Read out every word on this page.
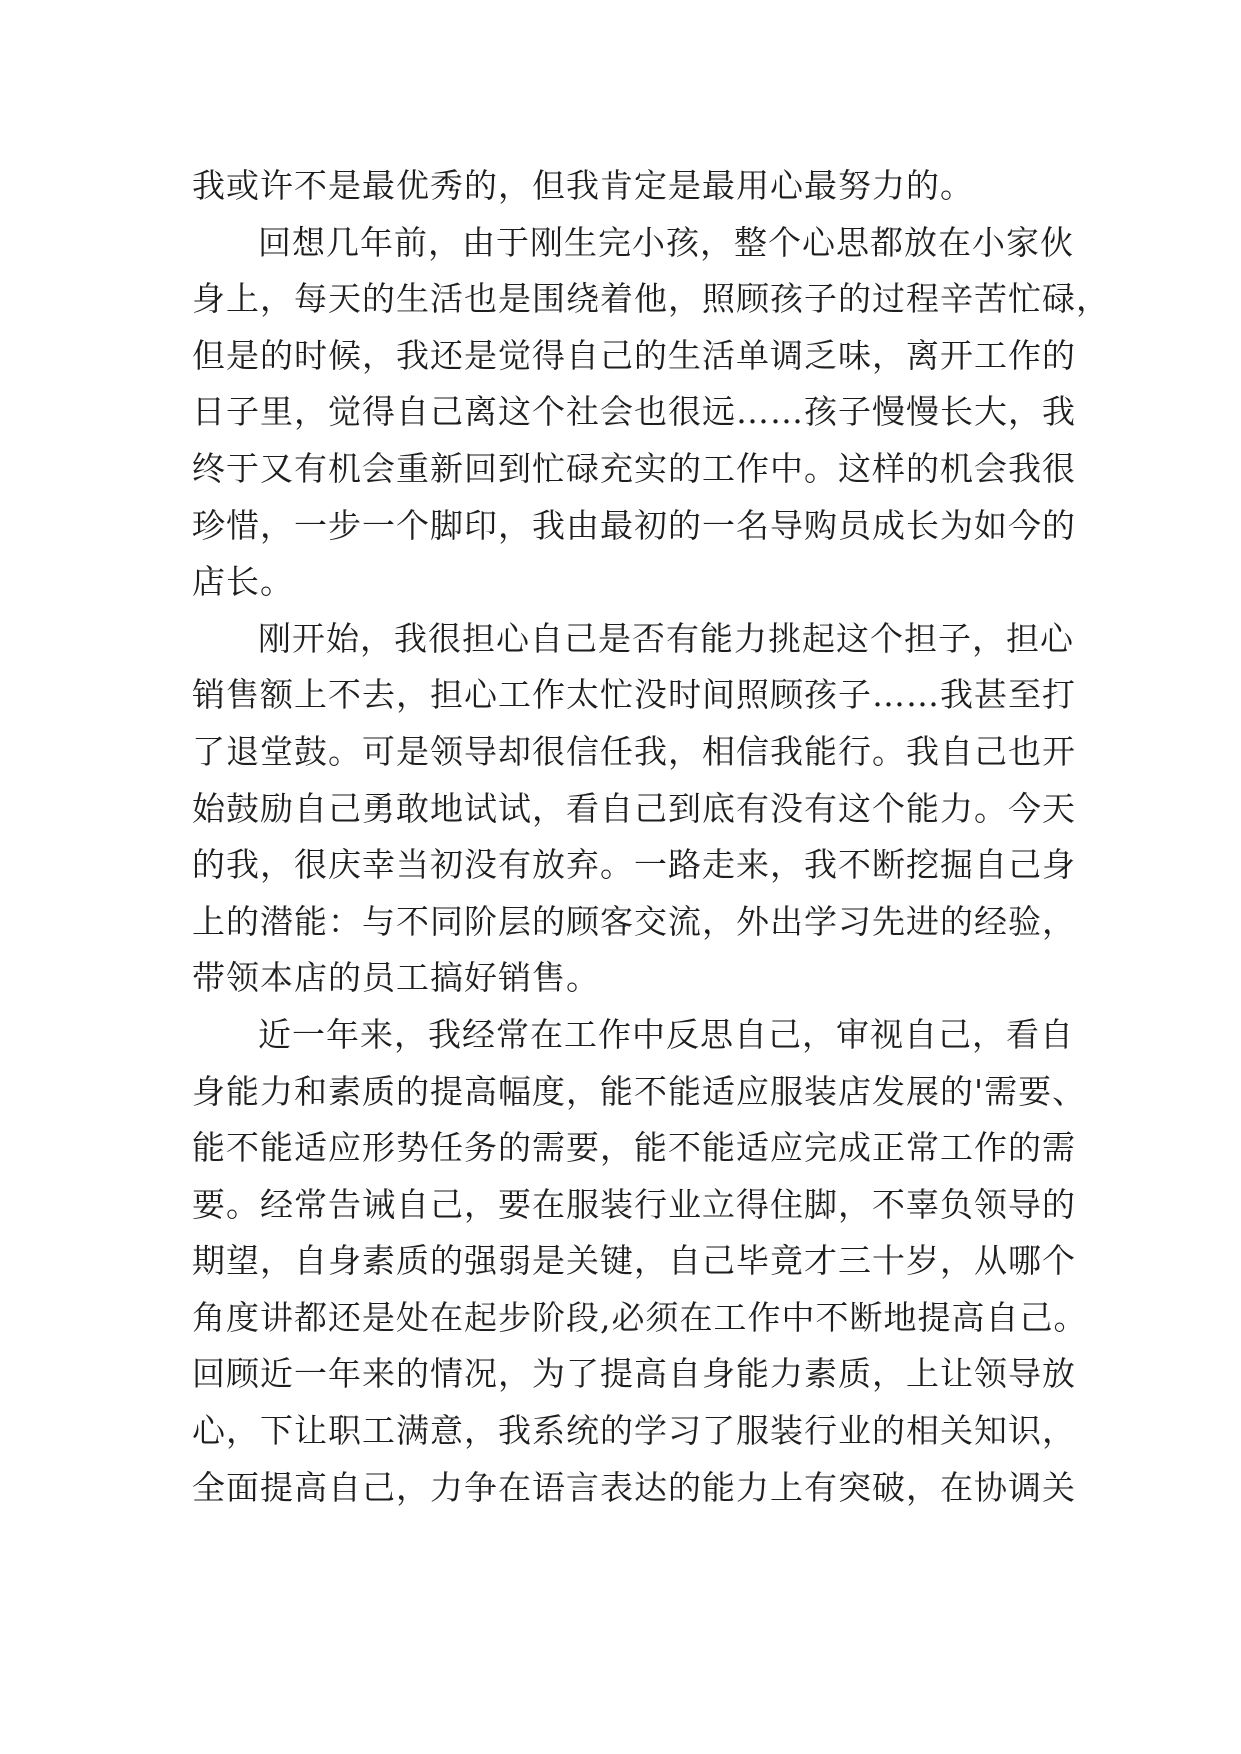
我或许不是最优秀的，但我肯定是最用心最努力的。
回想几年前，由于刚生完小孩，整个心思都放在小家伙
身上，每天的生活也是围绕着他，照顾孩子的过程辛苦忙碌，
但是的时候，我还是觉得自己的生活单调乏味，离开工作的
日子里，觉得自己离这个社会也很远……孩子慢慢长大，我
终于又有机会重新回到忙碌充实的工作中。这样的机会我很
珍惜，一步一个脚印，我由最初的一名导购员成长为如今的
店长。
刚开始，我很担心自己是否有能力挑起这个担子，担心
销售额上不去，担心工作太忙没时间照顾孩子……我甚至打
了退堂鼓。可是领导却很信任我，相信我能行。我自己也开
始鼓励自己勇敢地试试，看自己到底有没有这个能力。今天
的我，很庆幸当初没有放弃。一路走来，我不断挖掘自己身
上的潜能：与不同阶层的顾客交流，外出学习先进的经验，
带领本店的员工搞好销售。
近一年来，我经常在工作中反思自己，审视自己，看自
身能力和素质的提高幅度，能不能适应服装店发展的'需要、
能不能适应形势任务的需要，能不能适应完成正常工作的需
要。经常告诫自己，要在服装行业立得住脚，不辜负领导的
期望，自身素质的强弱是关键，自己毕竟才三十岁，从哪个
角度讲都还是处在起步阶段,必须在工作中不断地提高自己。
回顾近一年来的情况，为了提高自身能力素质，上让领导放
心，下让职工满意，我系统的学习了服装行业的相关知识，
全面提高自己，力争在语言表达的能力上有突破，在协调关
